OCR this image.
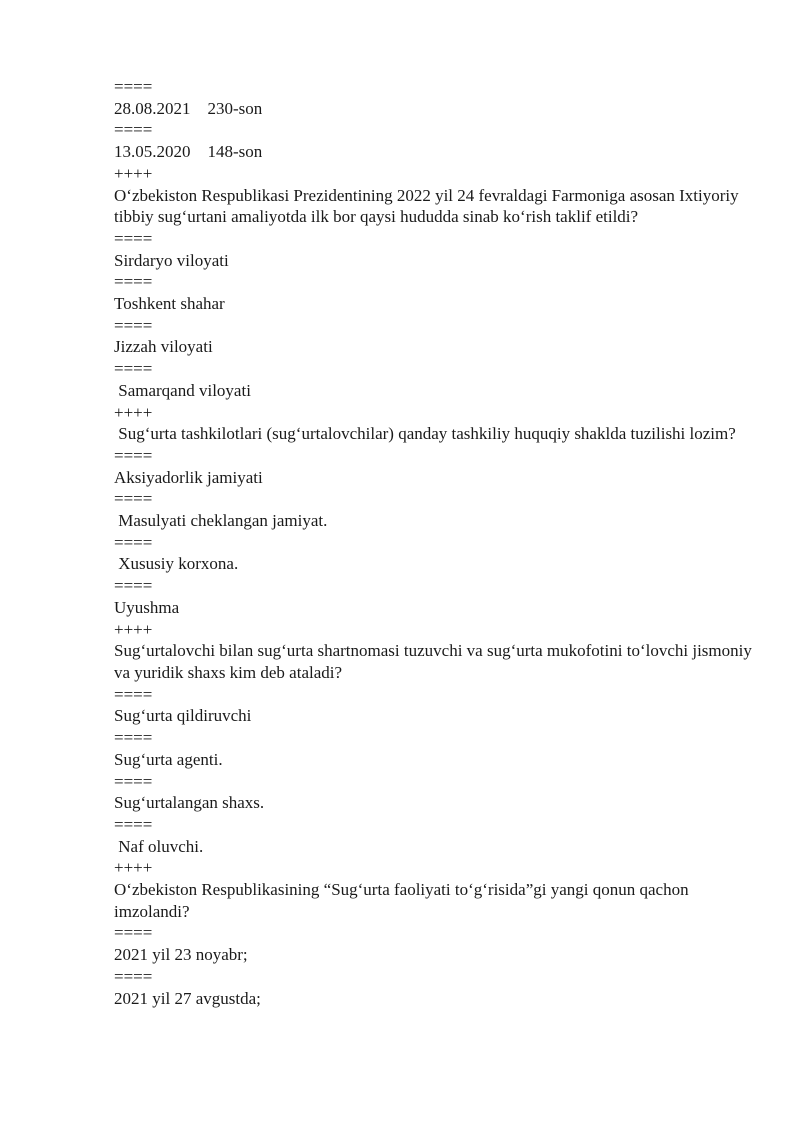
====

28.08.2021    230-son

====

13.05.2020    148-son

++++

O‘zbekiston Respublikasi Prezidentining 2022 yil 24 fevraldagi Farmoniga asosan Ixtiyoriy tibbiy sug‘urtani amaliyotda ilk bor qaysi hududda sinab ko‘rish taklif etildi?

====

Sirdaryo viloyati

====

Toshkent shahar

====

Jizzah viloyati

====

Samarqand viloyati

++++

Sug‘urta tashkilotlari (sug‘urtalovchilar) qanday tashkiliy huquqiy shaklda tuzilishi lozim?

====

Aksiyadorlik jamiyati

====

Masulyati cheklangan jamiyat.

====

Xususiy korxona.

====

Uyushma

++++

Sug‘urtalovchi bilan sug‘urta shartnomasi tuzuvchi va sug‘urta mukofotini to‘lovchi jismoniy va yuridik shaxs kim deb ataladi?

====

Sug‘urta qildiruvchi

====

Sug‘urta agenti.

====

Sug‘urtalangan shaxs.

====

Naf oluvchi.

++++

O‘zbekiston Respublikasining “Sug‘urta faoliyati to‘g‘risida”gi yangi qonun qachon imzolandi?

====

2021 yil 23 noyabr;

====

2021 yil 27 avgustda;
